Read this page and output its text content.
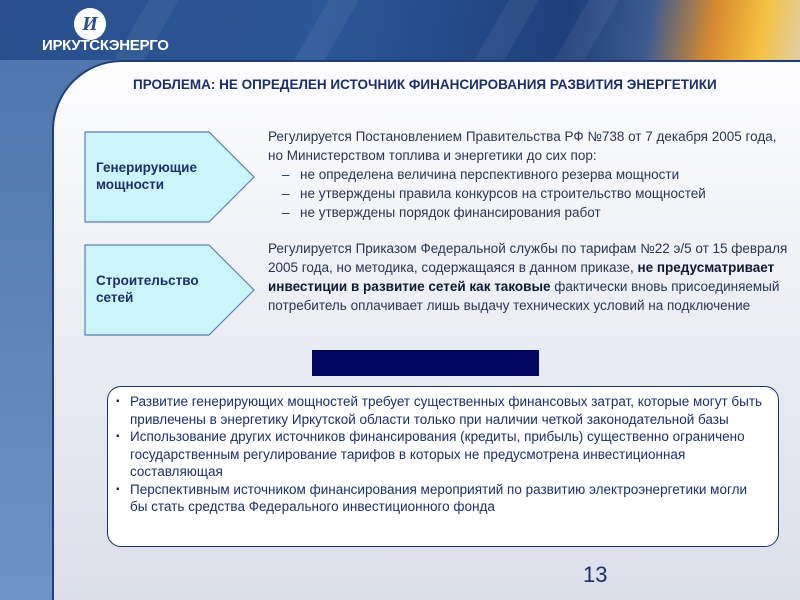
И
ИРКУТСКЭНЕРГО
ПРОБЛЕМА: НЕ ОПРЕДЕЛЕН ИСТОЧНИК ФИНАНСИРОВАНИЯ РАЗВИТИЯ ЭНЕРГЕТИКИ
Генерирующие мощности
Регулируется Постановлением Правительства РФ №738 от 7 декабря 2005 года, но Министерством топлива и энергетики до сих пор:
– не определена величина перспективного резерва мощности
– не утверждены правила конкурсов на строительство мощностей
– не утверждены порядок финансирования работ
Строительство сетей
Регулируется Приказом Федеральной службы по тарифам №22 э/5 от 15 февраля 2005 года, но методика, содержащаяся в данном приказе, не предусматривает инвестиции в развитие сетей как таковые фактически вновь присоединяемый потребитель оплачивает лишь выдачу технических условий на подключение
▪ Развитие генерирующих мощностей требует существенных финансовых затрат, которые могут быть привлечены в энергетику Иркутской области только при наличии четкой законодательной базы
▪ Использование других источников финансирования (кредиты, прибыль) существенно ограничено государственным регулирование тарифов в которых не предусмотрена инвестиционная составляющая
▪ Перспективным источником финансирования мероприятий по развитию электроэнергетики могли бы стать средства Федерального инвестиционного фонда
13
